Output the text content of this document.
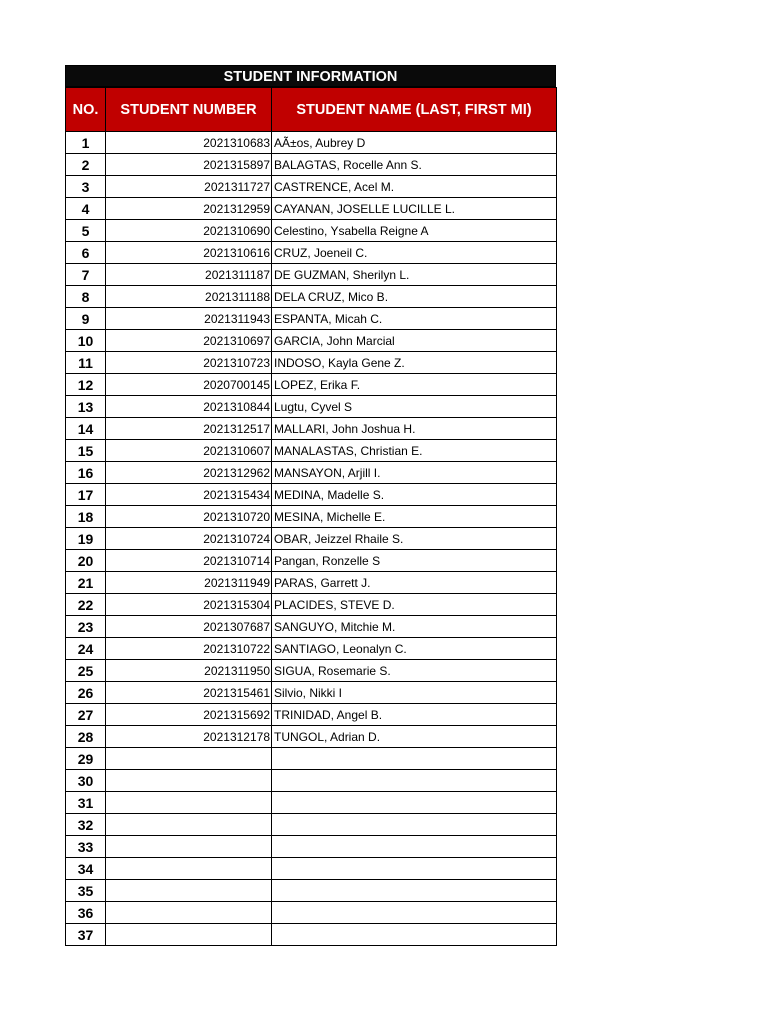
STUDENT INFORMATION
NO.	STUDENT NUMBER	STUDENT NAME (LAST, FIRST MI)
1	2021310683	AÃ±os, Aubrey D
2	2021315897	BALAGTAS, Rocelle Ann S.
3	2021311727	CASTRENCE, Acel M.
4	2021312959	CAYANAN, JOSELLE LUCILLE L.
5	2021310690	Celestino, Ysabella Reigne A
6	2021310616	CRUZ, Joeneil C.
7	2021311187	DE GUZMAN, Sherilyn L.
8	2021311188	DELA CRUZ, Mico B.
9	2021311943	ESPANTA, Micah C.
10	2021310697	GARCIA, John Marcial
11	2021310723	INDOSO, Kayla Gene Z.
12	2020700145	LOPEZ, Erika F.
13	2021310844	Lugtu, Cyvel S
14	2021312517	MALLARI, John Joshua H.
15	2021310607	MANALASTAS, Christian E.
16	2021312962	MANSAYON, Arjill I.
17	2021315434	MEDINA, Madelle S.
18	2021310720	MESINA, Michelle E.
19	2021310724	OBAR, Jeizzel Rhaile S.
20	2021310714	Pangan, Ronzelle S
21	2021311949	PARAS, Garrett J.
22	2021315304	PLACIDES, STEVE D.
23	2021307687	SANGUYO, Mitchie M.
24	2021310722	SANTIAGO, Leonalyn C.
25	2021311950	SIGUA, Rosemarie S.
26	2021315461	Silvio, Nikki I
27	2021315692	TRINIDAD, Angel B.
28	2021312178	TUNGOL, Adrian D.
29		
30		
31		
32		
33		
34		
35		
36		
37		
